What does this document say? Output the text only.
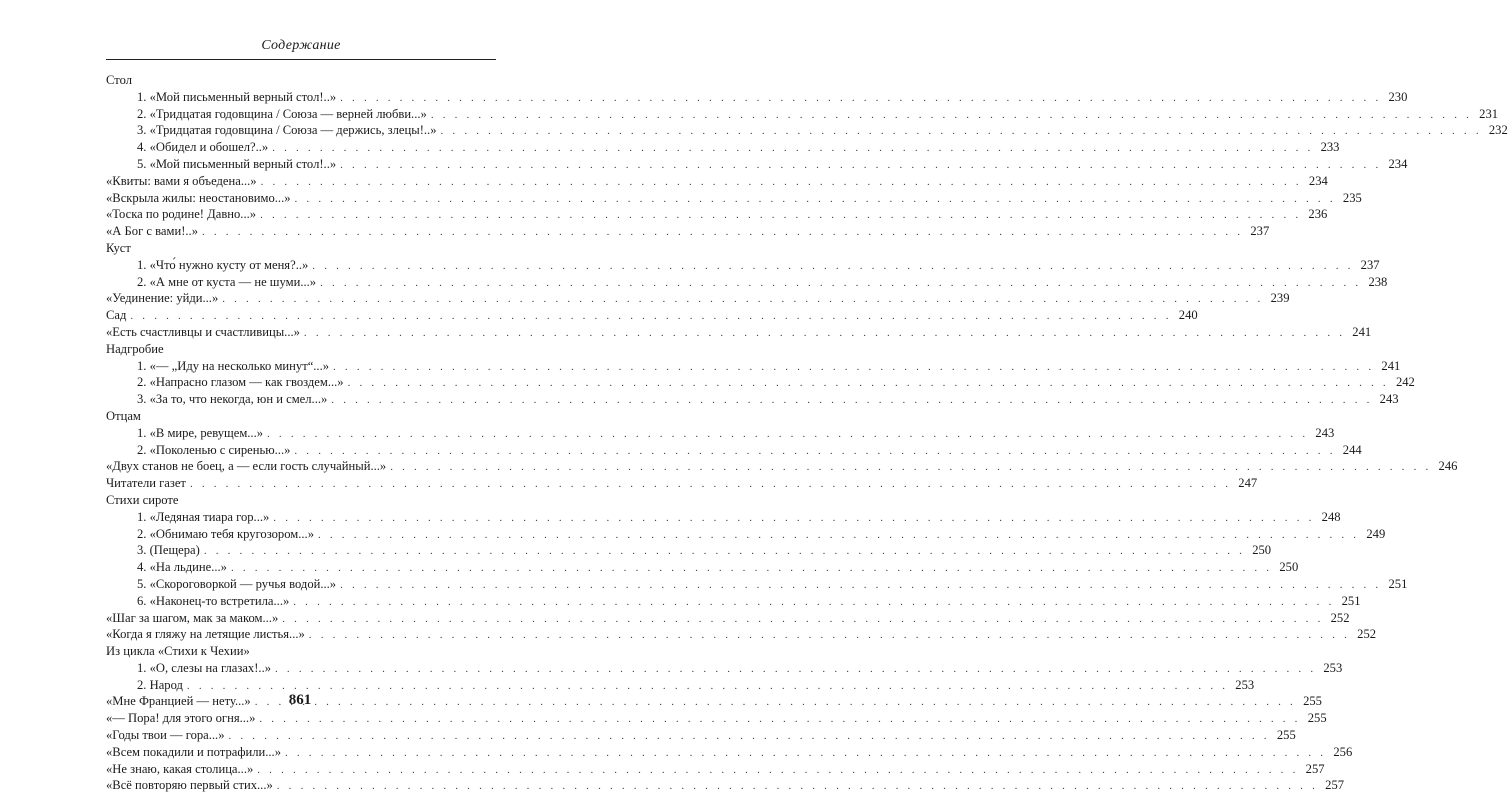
Содержание
Стол
1. «Мой письменный верный стол!..» . . .	230
2. «Тридцатая годовщина / Союза — верней любви...» . . .	231
3. «Тридцатая годовщина / Союза — держись, злецы!..» . . .	232
4. «Обидел и обошел?..» . . .	233
5. «Мой письменный верный стол!..» . . .	234
«Квиты: вами я объедена...» . . .	234
«Вскрыла жилы: неостановимо...» . . .	235
«Тоска по родине! Давно...» . . .	236
«А Бог с вами!..» . . .	237
Куст
1. «Что́ нужно кусту от меня?..» . . .	237
2. «А мне от куста — не шуми...» . . .	238
«Уединение: уйди...» . . .	239
Сад . . .	240
«Есть счастливцы и счастливицы...» . . .	241
Надгробие
1. «— „Иду на несколько минут“...» . . .	241
2. «Напрасно глазом — как гвоздем...» . . .	242
3. «За то, что некогда, юн и смел...» . . .	243
Отцам
1. «В мире, ревущем...» . . .	243
2. «Поколенью с сиренью...» . . .	244
«Двух станов не боец, а — если гость случайный...» . . .	246
Читатели газет . . .	247
Стихи сироте
1. «Ледяная тиара гор...» . . .	248
2. «Обнимаю тебя кругозором...» . . .	249
3. (Пещера) . . .	250
4. «На льдине...» . . .	250
5. «Скороговоркой — ручья водой...» . . .	251
6. «Наконец-то встретила...» . . .	251
«Шаг за шагом, мак за маком...» . . .	252
«Когда я гляжу на летящие листья...» . . .	252
Из цикла «Стихи к Чехии»
1. «О, слезы на глазах!..» . . .	253
2. Народ . . .	253
«Мне Францией — нету...» . . .	255
«— Пора! для этого огня...» . . .	255
«Годы твои — гора...» . . .	255
«Всем покадили и потрафили...» . . .	256
«Не знаю, какая столица...» . . .	257
«Всё повторяю первый стих...» . . .	257
861
